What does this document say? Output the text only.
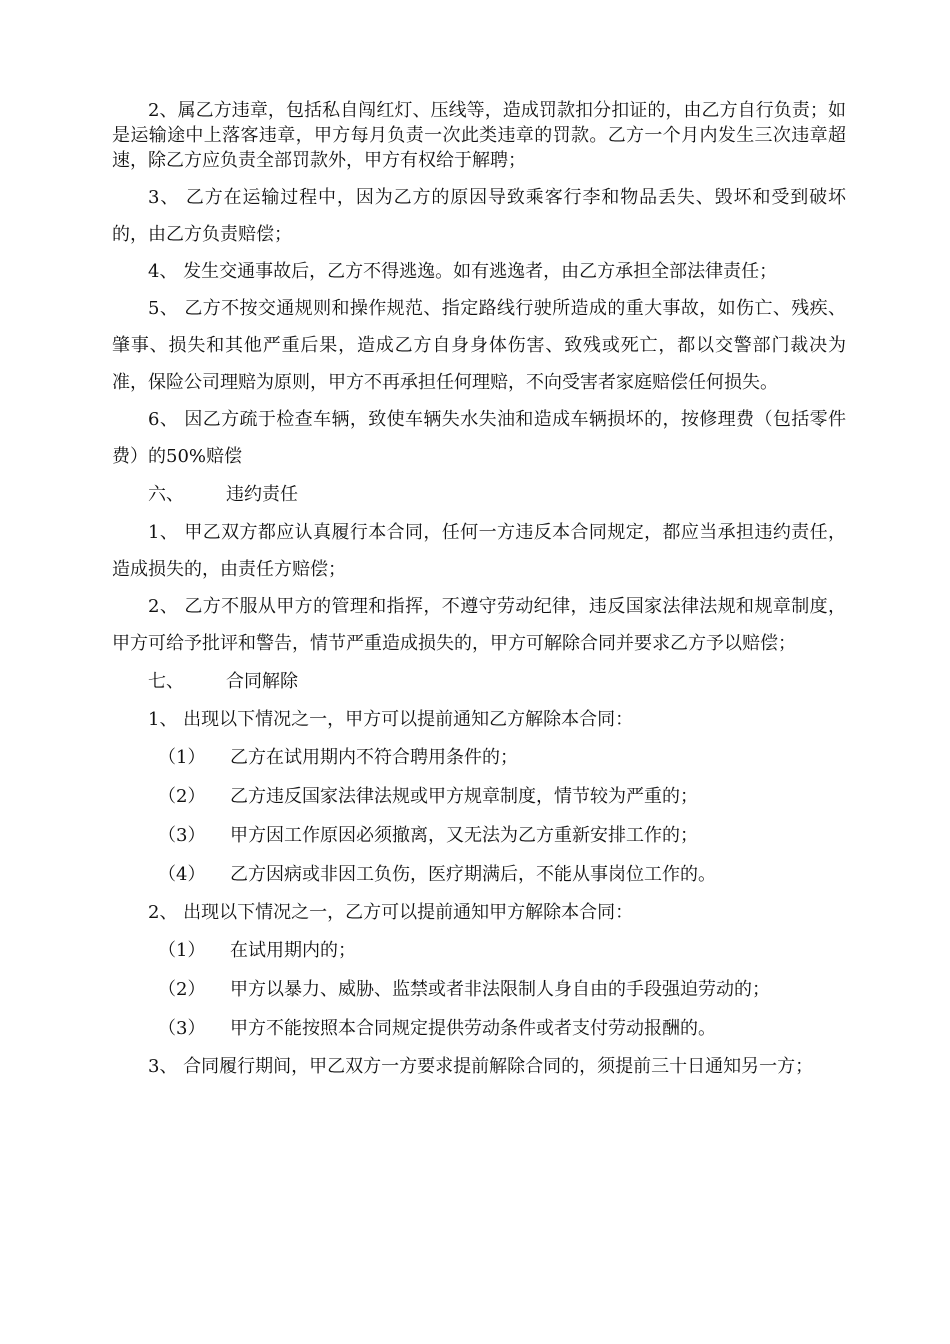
2、属乙方违章，包括私自闯红灯、压线等，造成罚款扣分扣证的，由乙方自行负责；如是运输途中上落客违章，甲方每月负责一次此类违章的罚款。乙方一个月内发生三次违章超速，除乙方应负责全部罚款外，甲方有权给于解聘；

3、 乙方在运输过程中，因为乙方的原因导致乘客行李和物品丢失、毁坏和受到破坏的，由乙方负责赔偿；

4、 发生交通事故后，乙方不得逃逸。如有逃逸者，由乙方承担全部法律责任；

5、 乙方不按交通规则和操作规范、指定路线行驶所造成的重大事故，如伤亡、残疾、肇事、损失和其他严重后果，造成乙方自身身体伤害、致残或死亡，都以交警部门裁决为准，保险公司理赔为原则，甲方不再承担任何理赔，不向受害者家庭赔偿任何损失。

6、 因乙方疏于检查车辆，致使车辆失水失油和造成车辆损坏的，按修理费（包括零件费）的50%赔偿

六、	违约责任

1、 甲乙双方都应认真履行本合同，任何一方违反本合同规定，都应当承担违约责任，造成损失的，由责任方赔偿；

2、 乙方不服从甲方的管理和指挥，不遵守劳动纪律，违反国家法律法规和规章制度，甲方可给予批评和警告，情节严重造成损失的，甲方可解除合同并要求乙方予以赔偿；

七、	合同解除

1、 出现以下情况之一，甲方可以提前通知乙方解除本合同：

（1）	乙方在试用期内不符合聘用条件的；
（2）	乙方违反国家法律法规或甲方规章制度，情节较为严重的；
（3）	甲方因工作原因必须撤离，又无法为乙方重新安排工作的；
（4）	乙方因病或非因工负伤，医疗期满后，不能从事岗位工作的。

2、 出现以下情况之一，乙方可以提前通知甲方解除本合同：

（1）	在试用期内的；
（2）	甲方以暴力、威胁、监禁或者非法限制人身自由的手段强迫劳动的；
（3）	甲方不能按照本合同规定提供劳动条件或者支付劳动报酬的。

3、 合同履行期间，甲乙双方一方要求提前解除合同的，须提前三十日通知另一方；
